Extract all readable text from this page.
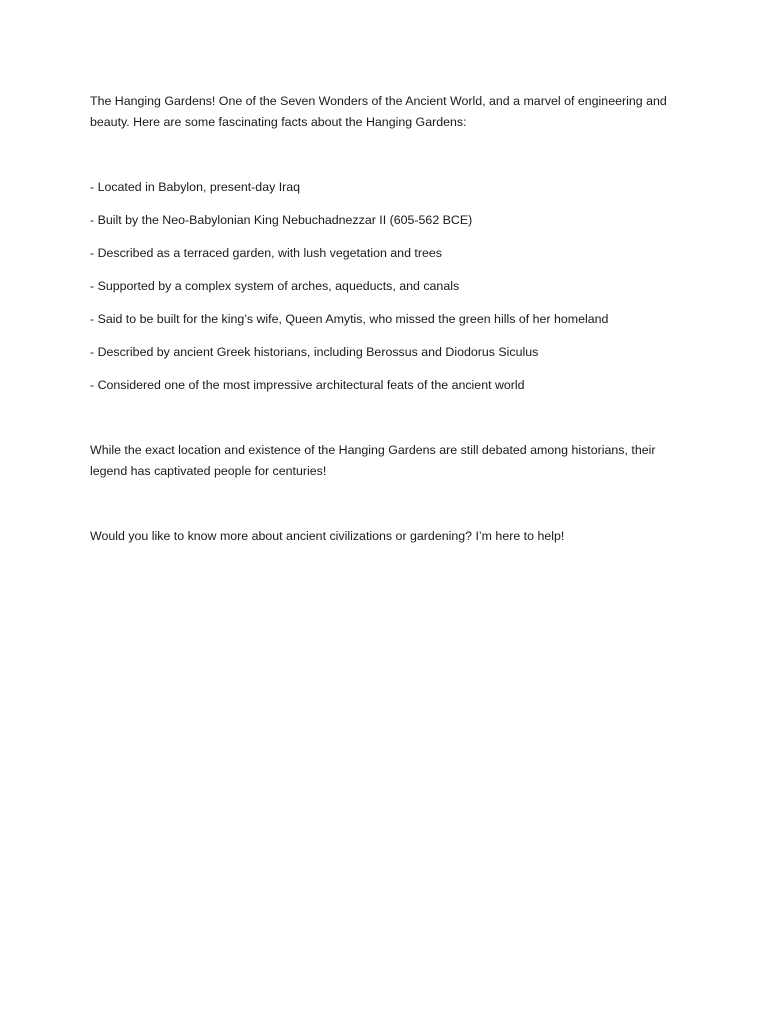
The Hanging Gardens! One of the Seven Wonders of the Ancient World, and a marvel of engineering and beauty. Here are some fascinating facts about the Hanging Gardens:

- Located in Babylon, present-day Iraq
- Built by the Neo-Babylonian King Nebuchadnezzar II (605-562 BCE)
- Described as a terraced garden, with lush vegetation and trees
- Supported by a complex system of arches, aqueducts, and canals
- Said to be built for the king’s wife, Queen Amytis, who missed the green hills of her homeland
- Described by ancient Greek historians, including Berossus and Diodorus Siculus
- Considered one of the most impressive architectural feats of the ancient world

While the exact location and existence of the Hanging Gardens are still debated among historians, their legend has captivated people for centuries!

Would you like to know more about ancient civilizations or gardening? I’m here to help!
